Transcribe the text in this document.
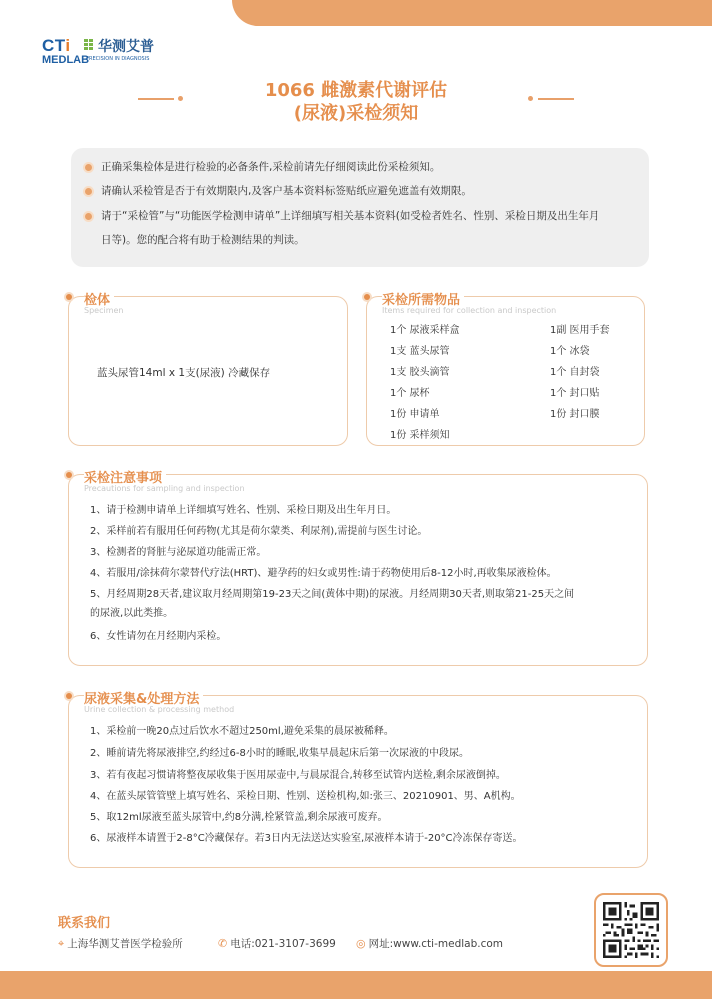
CTi 华测艾普
MEDLAB
PRECISION IN DIAGNOSIS
1066 雌激素代谢评估
(尿液)采检须知
正确采集检体是进行检验的必备条件,采检前请先仔细阅读此份采检须知。
请确认采检管是否于有效期限内,及客户基本资料标签贴纸应避免遮盖有效期限。
请于“采检管”与“功能医学检测申请单”上详细填写相关基本资料(如受检者姓名、性别、采检日期及出生年月
日等)。您的配合将有助于检测结果的判读。
检体
Specimen
蓝头尿管14ml x 1支(尿液) 冷藏保存
采检所需物品
Items required for collection and inspection
1个 尿液采样盒
1支 蓝头尿管
1支 胶头滴管
1个 尿杯
1份 申请单
1份 采样须知
1副 医用手套
1个 冰袋
1个 自封袋
1个 封口贴
1份 封口膜
采检注意事项
Precautions for sampling and inspection
1、请于检测申请单上详细填写姓名、性别、采检日期及出生年月日。
2、采样前若有服用任何药物(尤其是荷尔蒙类、利尿剂),需提前与医生讨论。
3、检测者的肾脏与泌尿道功能需正常。
4、若服用/涂抹荷尔蒙替代疗法(HRT)、避孕药的妇女或男性:请于药物使用后8-12小时,再收集尿液检体。
5、月经周期28天者,建议取月经周期第19-23天之间(黄体中期)的尿液。月经周期30天者,则取第21-25天之间
的尿液,以此类推。
6、女性请勿在月经期内采检。
尿液采集&处理方法
Urine collection & processing method
1、采检前一晚20点过后饮水不超过250ml,避免采集的晨尿被稀释。
2、睡前请先将尿液排空,约经过6-8小时的睡眠,收集早晨起床后第一次尿液的中段尿。
3、若有夜起习惯请将整夜尿收集于医用尿壶中,与晨尿混合,转移至试管内送检,剩余尿液倒掉。
4、在蓝头尿管管壁上填写姓名、采检日期、性别、送检机构,如:张三、20210901、男、A机构。
5、取12ml尿液至蓝头尿管中,约8分满,栓紧管盖,剩余尿液可废弃。
6、尿液样本请置于2-8°C冷藏保存。若3日内无法送达实验室,尿液样本请于-20°C冷冻保存寄送。
联系我们
⌖ 上海华测艾普医学检验所	✆ 电话:021-3107-3699 ◎ 网址:www.cti-medlab.com
